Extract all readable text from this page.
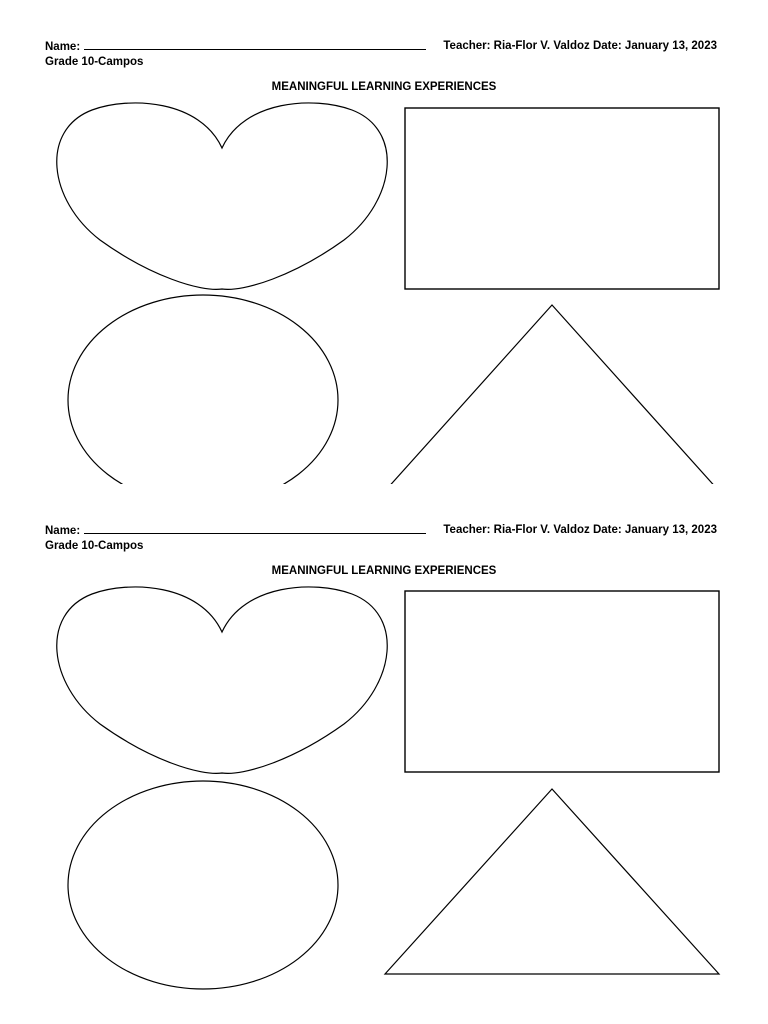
Name:	Teacher: Ria-Flor V. Valdoz Date: January 13, 2023
Grade 10-Campos
MEANINGFUL LEARNING EXPERIENCES
Name:	Teacher: Ria-Flor V. Valdoz Date: January 13, 2023
Grade 10-Campos
MEANINGFUL LEARNING EXPERIENCES
